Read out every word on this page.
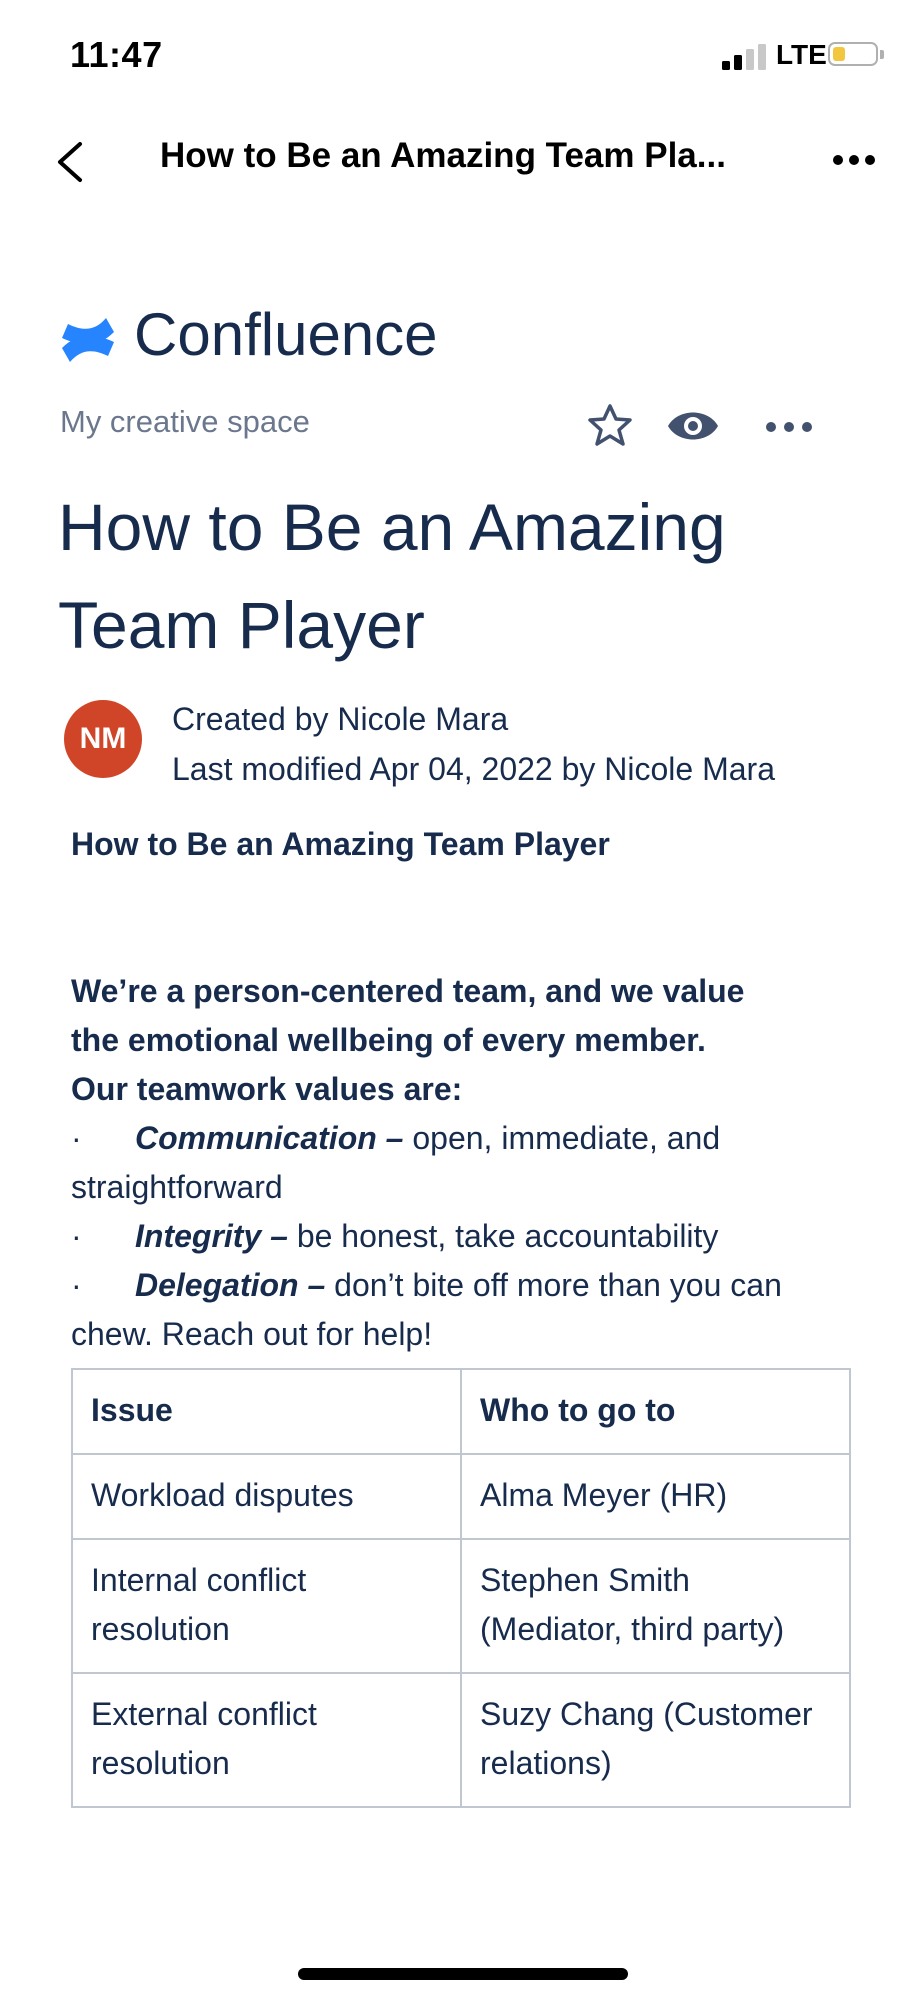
11:47	LTE
How to Be an Amazing Team Pla...
Confluence
My creative space
How to Be an Amazing Team Player
NM
Created by Nicole Mara
Last modified Apr 04, 2022 by Nicole Mara
How to Be an Amazing Team Player
We’re a person-centered team, and we value
the emotional wellbeing of every member.
Our teamwork values are:
· Communication – open, immediate, and straightforward
· Integrity – be honest, take accountability
· Delegation – don’t bite off more than you can chew. Reach out for help!
Issue	Who to go to
Workload disputes	Alma Meyer (HR)
Internal conflict resolution	Stephen Smith (Mediator, third party)
External conflict resolution	Suzy Chang (Customer relations)
